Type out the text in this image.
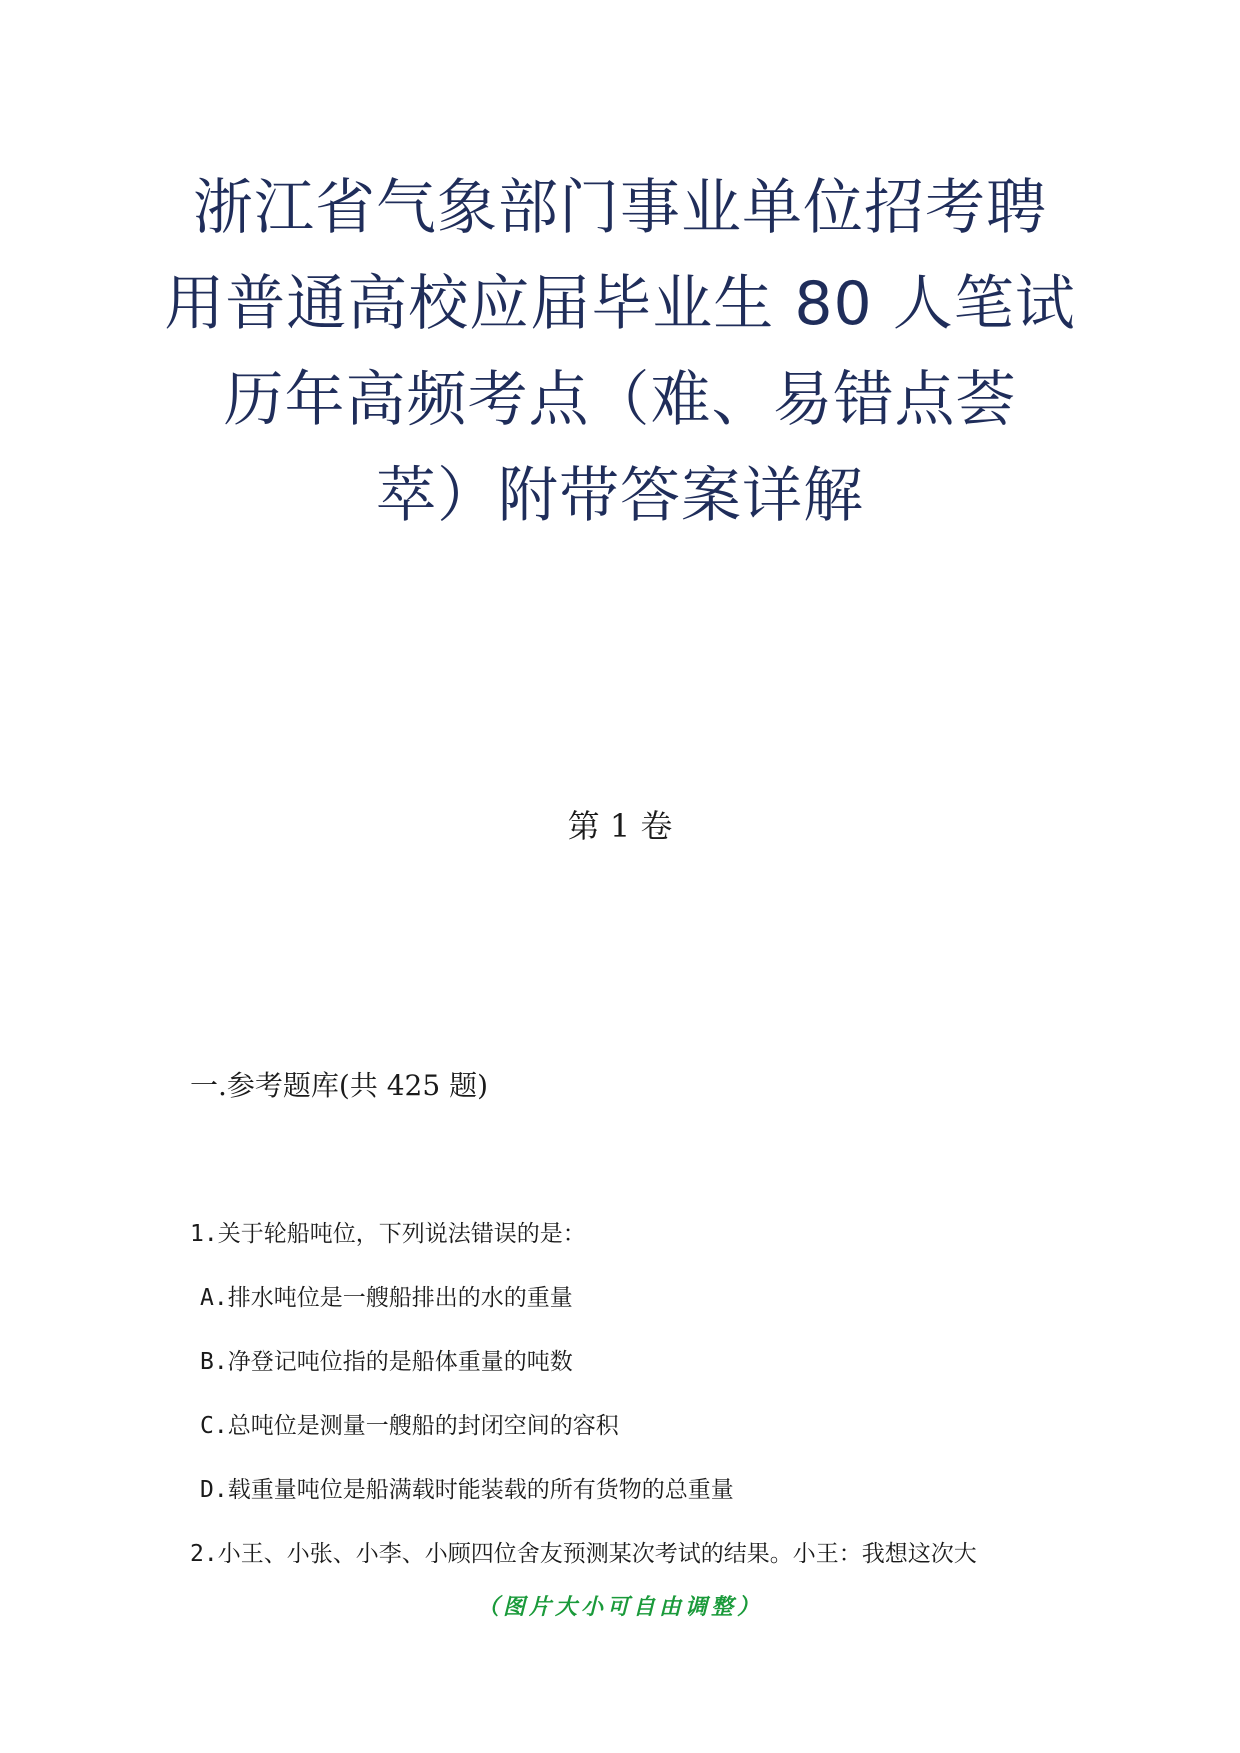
浙江省气象部门事业单位招考聘
用普通高校应届毕业生 80 人笔试
历年高频考点（难、易错点荟
萃）附带答案详解
第 1 卷
一.参考题库(共 425 题)
1.关于轮船吨位，下列说法错误的是：
A.排水吨位是一艘船排出的水的重量
B.净登记吨位指的是船体重量的吨数
C.总吨位是测量一艘船的封闭空间的容积
D.载重量吨位是船满载时能装载的所有货物的总重量
2.小王、小张、小李、小顾四位舍友预测某次考试的结果。小王：我想这次大
（图片大小可自由调整）
